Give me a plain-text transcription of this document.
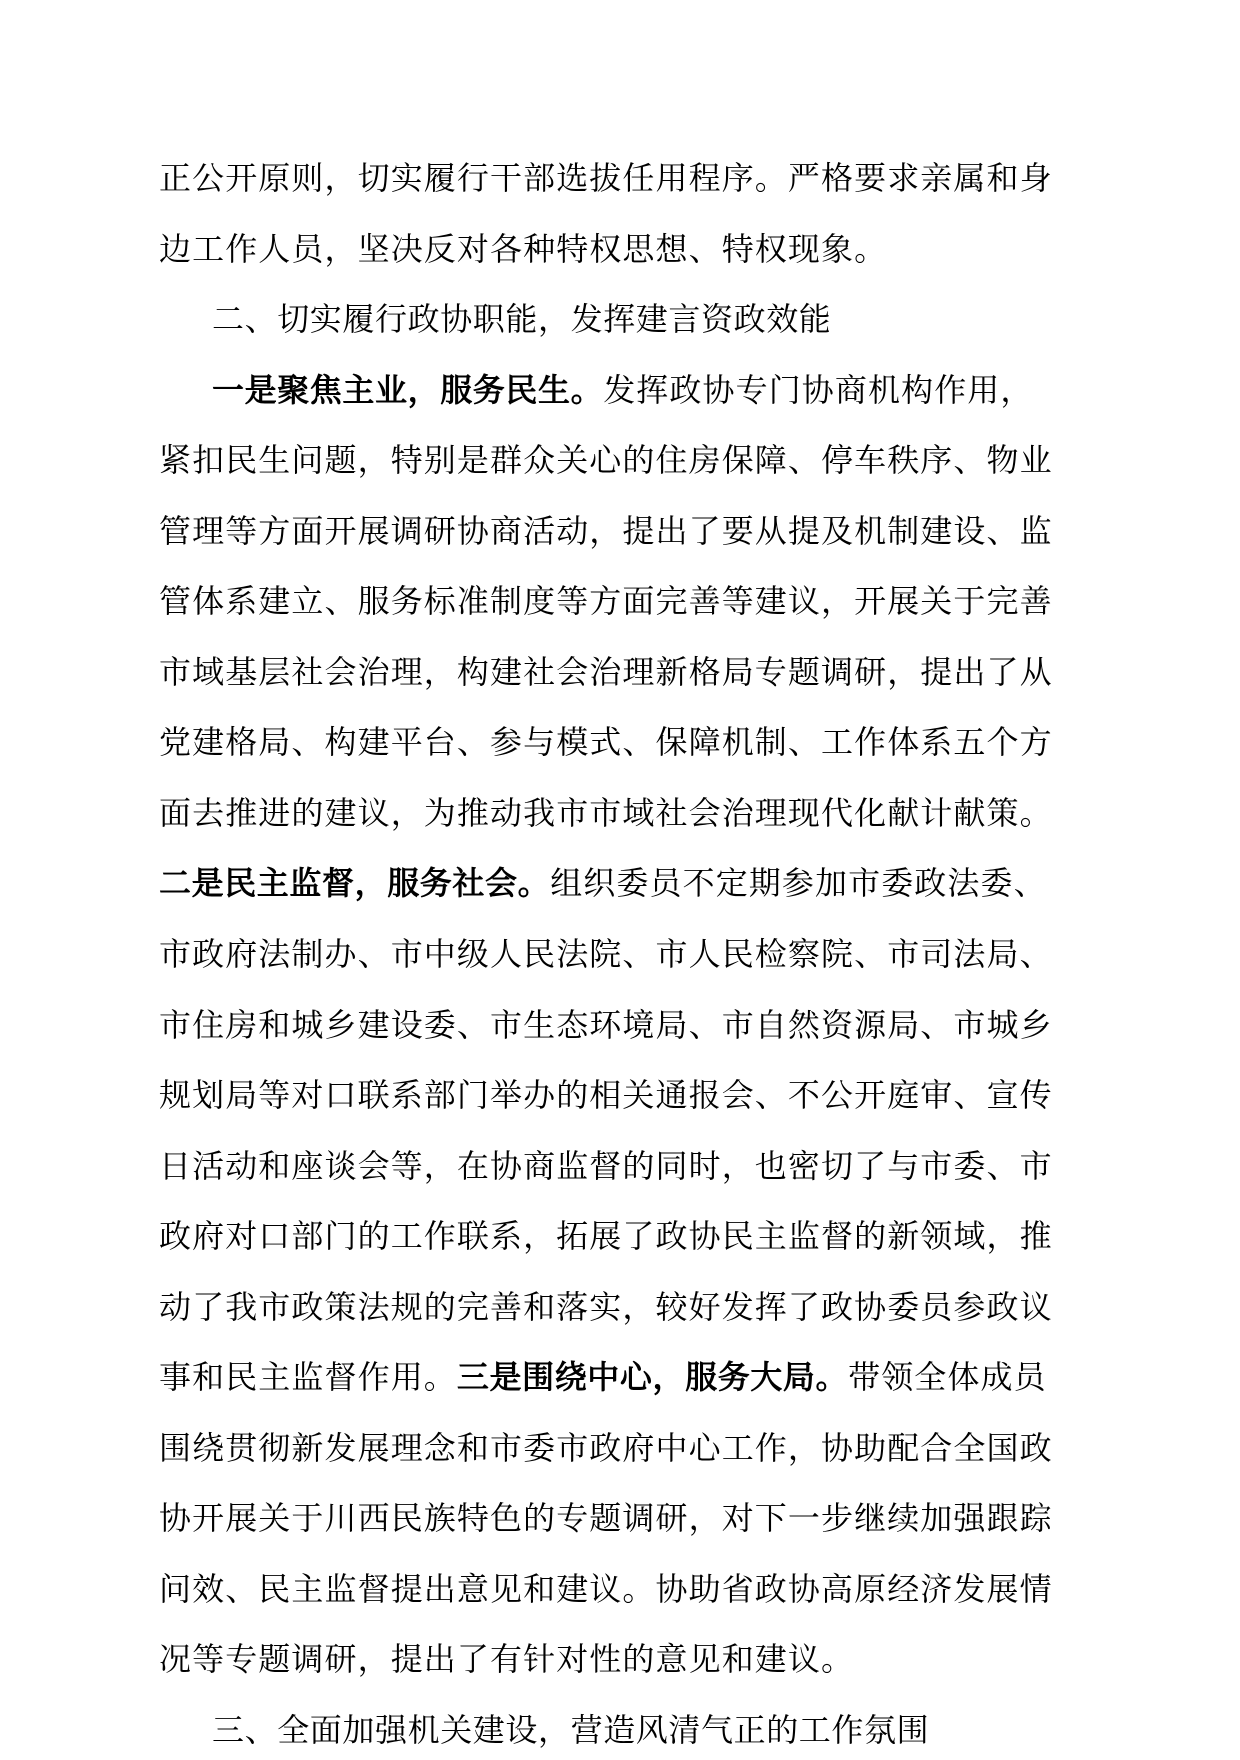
正公开原则，切实履行干部选拔任用程序。严格要求亲属和身
边工作人员，坚决反对各种特权思想、特权现象。
二、切实履行政协职能，发挥建言资政效能
一是聚焦主业，服务民生。发挥政协专门协商机构作用，
紧扣民生问题，特别是群众关心的住房保障、停车秩序、物业
管理等方面开展调研协商活动，提出了要从提及机制建设、监
管体系建立、服务标准制度等方面完善等建议，开展关于完善
市域基层社会治理，构建社会治理新格局专题调研，提出了从
党建格局、构建平台、参与模式、保障机制、工作体系五个方
面去推进的建议，为推动我市市域社会治理现代化献计献策。
二是民主监督，服务社会。组织委员不定期参加市委政法委、
市政府法制办、市中级人民法院、市人民检察院、市司法局、
市住房和城乡建设委、市生态环境局、市自然资源局、市城乡
规划局等对口联系部门举办的相关通报会、不公开庭审、宣传
日活动和座谈会等，在协商监督的同时，也密切了与市委、市
政府对口部门的工作联系，拓展了政协民主监督的新领域，推
动了我市政策法规的完善和落实，较好发挥了政协委员参政议
事和民主监督作用。三是围绕中心，服务大局。带领全体成员
围绕贯彻新发展理念和市委市政府中心工作，协助配合全国政
协开展关于川西民族特色的专题调研，对下一步继续加强跟踪
问效、民主监督提出意见和建议。协助省政协高原经济发展情
况等专题调研，提出了有针对性的意见和建议。
三、全面加强机关建设，营造风清气正的工作氛围
